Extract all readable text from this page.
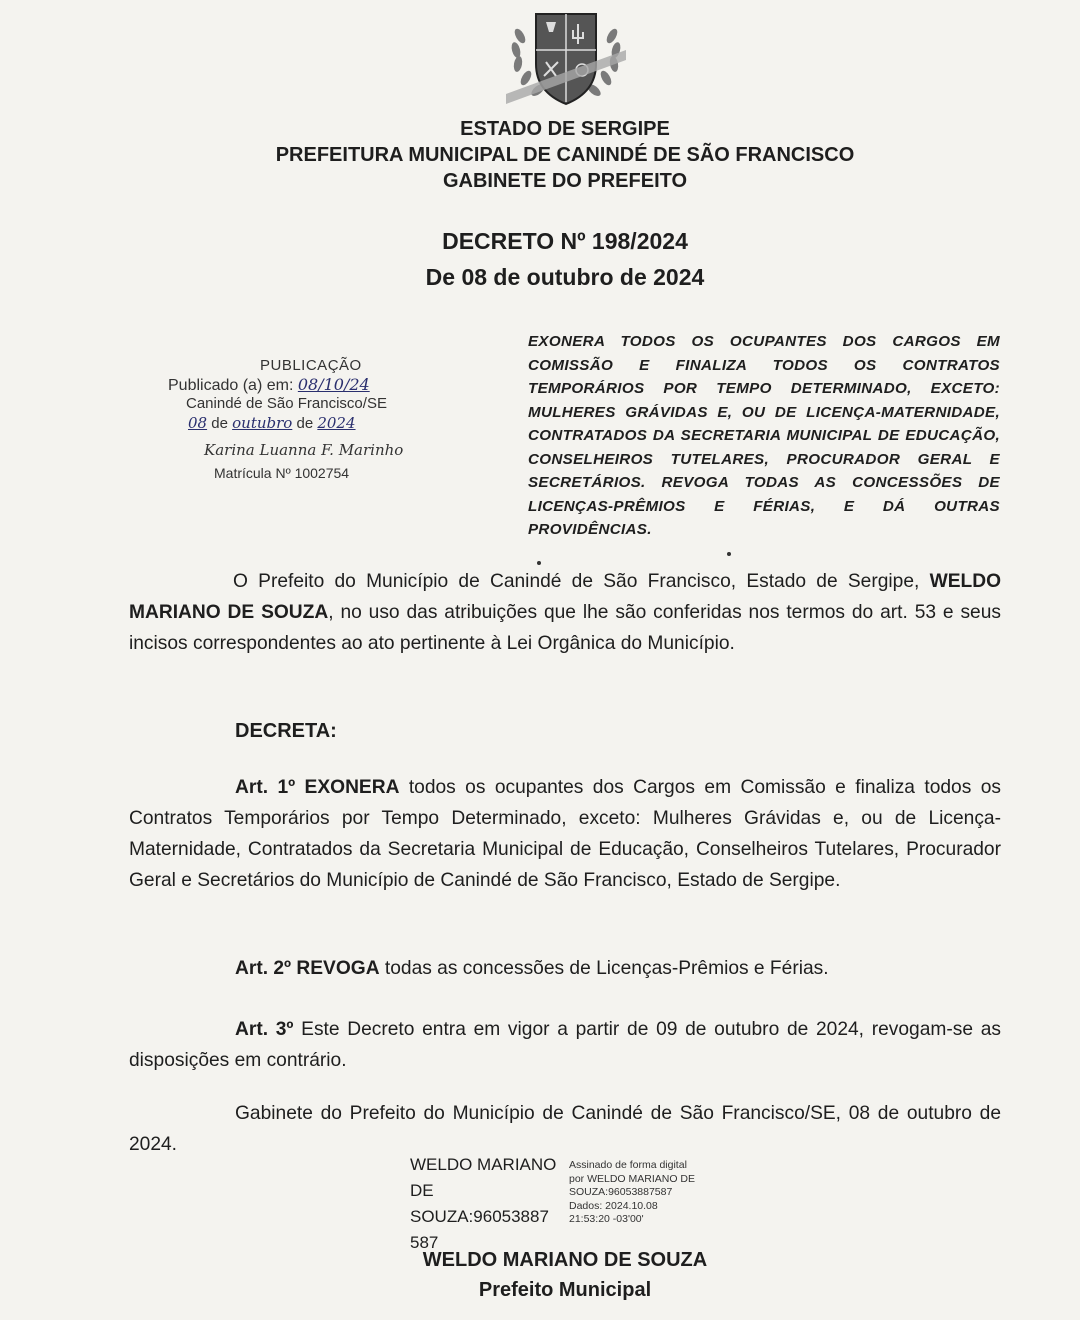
ESTADO DE SERGIPE
PREFEITURA MUNICIPAL DE CANINDÉ DE SÃO FRANCISCO
GABINETE DO PREFEITO
DECRETO Nº 198/2024
De 08 de outubro de 2024
EXONERA TODOS OS OCUPANTES DOS CARGOS EM COMISSÃO E FINALIZA TODOS OS CONTRATOS TEMPORÁRIOS POR TEMPO DETERMINADO, EXCETO: MULHERES GRÁVIDAS E, OU DE LICENÇA-MATERNIDADE, CONTRATADOS DA SECRETARIA MUNICIPAL DE EDUCAÇÃO, CONSELHEIROS TUTELARES, PROCURADOR GERAL E SECRETÁRIOS. REVOGA TODAS AS CONCESSÕES DE LICENÇAS-PRÊMIOS E FÉRIAS, E DÁ OUTRAS PROVIDÊNCIAS.
PUBLICAÇÃO
Publicado (a) em: 08/10/24
Canindé de São Francisco/SE
08 de outubro de 2024
Karina Luanna F. Marinho
Matrícula Nº 1002754
O Prefeito do Município de Canindé de São Francisco, Estado de Sergipe, WELDO MARIANO DE SOUZA, no uso das atribuições que lhe são conferidas nos termos do art. 53 e seus incisos correspondentes ao ato pertinente à Lei Orgânica do Município.
DECRETA:
Art. 1º EXONERA todos os ocupantes dos Cargos em Comissão e finaliza todos os Contratos Temporários por Tempo Determinado, exceto: Mulheres Grávidas e, ou de Licença-Maternidade, Contratados da Secretaria Municipal de Educação, Conselheiros Tutelares, Procurador Geral e Secretários do Município de Canindé de São Francisco, Estado de Sergipe.
Art. 2º REVOGA todas as concessões de Licenças-Prêmios e Férias.
Art. 3º Este Decreto entra em vigor a partir de 09 de outubro de 2024, revogam-se as disposições em contrário.
Gabinete do Prefeito do Município de Canindé de São Francisco/SE, 08 de outubro de 2024.
WELDO MARIANO
DE
SOUZA:96053887
587
Assinado de forma digital
por WELDO MARIANO DE
SOUZA:96053887587
Dados: 2024.10.08
21:53:20 -03'00'
WELDO MARIANO DE SOUZA
Prefeito Municipal
